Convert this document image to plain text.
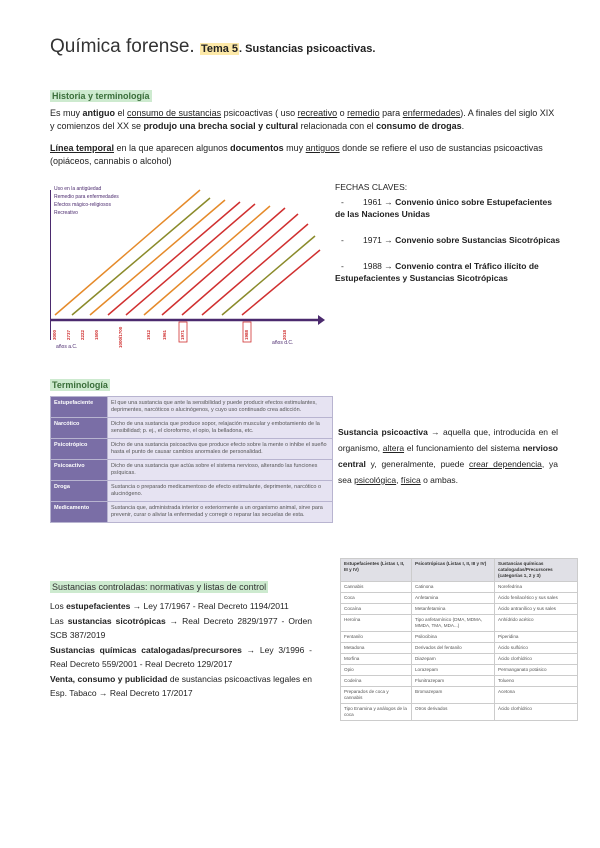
Química forense. Tema 5. Sustancias psicoactivas.
Historia y terminología
Es muy antiguo el consumo de sustancias psicoactivas ( uso recreativo o remedio para enfermedades). A finales del siglo XIX y comienzos del XX se produjo una brecha social y cultural relacionada con el consumo de drogas.
Línea temporal en la que aparecen algunos documentos muy antiguos donde se refiere el uso de sustancias psicoactivas (opiáceos, cannabis o alcohol)
Uso en la antigüedad
Remedio para enfermedades
Efectos mágico-religiosos
Recreativo
3000 2737 2222 1500	1000/1700	1912 1961	1971	1988	2018
años a.C.
años d.C.
FECHAS CLAVES:
- 1961 → Convenio único sobre Estupefacientes de las Naciones Unidas
- 1971 → Convenio sobre Sustancias Sicotrópicas
- 1988 → Convenio contra el Tráfico ilícito de Estupefacientes y Sustancias Sicotrópicas
Terminología
Estupefaciente	El que una sustancia que ante la sensibilidad y puede producir efectos estimulantes, deprimentes, narcóticos o alucinógenos, y cuyo uso continuado crea adicción.
Narcótico	Dicho de una sustancia que produce sopor, relajación muscular y embotamiento de la sensibilidad; p. ej., el cloroformo, el opio, la belladona, etc.
Psicotrópico	Dicho de una sustancia psicoactiva que produce efecto sobre la mente o inhibe el sueño hasta el punto de causar cambios anormales de personalidad.
Psicoactivo	Dicho de una sustancia que actúa sobre el sistema nervioso, alterando las funciones psíquicas.
Droga	Sustancia o preparado medicamentoso de efecto estimulante, deprimente, narcótico o alucinógeno.
Medicamento	Sustancia que, administrada interior o exteriormente a un organismo animal, sirve para prevenir, curar o aliviar la enfermedad y corregir o reparar las secuelas de esta.
Sustancia psicoactiva → aquella que, introducida en el organismo, altera el funcionamiento del sistema nervioso central y, generalmente, puede crear dependencia, ya sea psicológica, física o ambas.
Sustancias controladas: normativas y listas de control
Los estupefacientes → Ley 17/1967 - Real Decreto 1194/2011
Las sustancias sicotrópicas → Real Decreto 2829/1977 - Orden SCB 387/2019
Sustancias químicas catalogadas/precursores → Ley 3/1996 - Real Decreto 559/2001 - Real Decreto 129/2017
Venta, consumo y publicidad de sustancias psicoactivas legales en Esp. Tabaco → Real Decreto 17/2017
Estupefacientes (Listas I, II, III y IV)	Psicotrópicas (Listas I, II, III y IV)	Sustancias químicas catalogadas/Precursores (categorías 1, 2 y 3)
Cannabis	Catinona	Norefedrina
Coca	Anfetamina	Ácido fenilacético y sus sales
Cocaína	Metanfetamina	Ácido antranílico y sus sales
Heroína	Tipo anfetamínico (DMA, MDMA, MMDA, TMA, MDA...)	Anhídrido acético
Fentanilo	Psilocibina	Piperidina
Metadona	Derivados del fentanilo	Ácido sulfúrico
Morfina	Diazepam	Ácido clorhídrico
Opio	Lorazepam	Permanganato potásico
Codeína	Flunitrazepam	Tolueno
Preparados de coca y cannabis	Bromazepam	Acetona
Tipo Enamina y análogos de la coca	Otros derivados	Ácido clorhídrico
